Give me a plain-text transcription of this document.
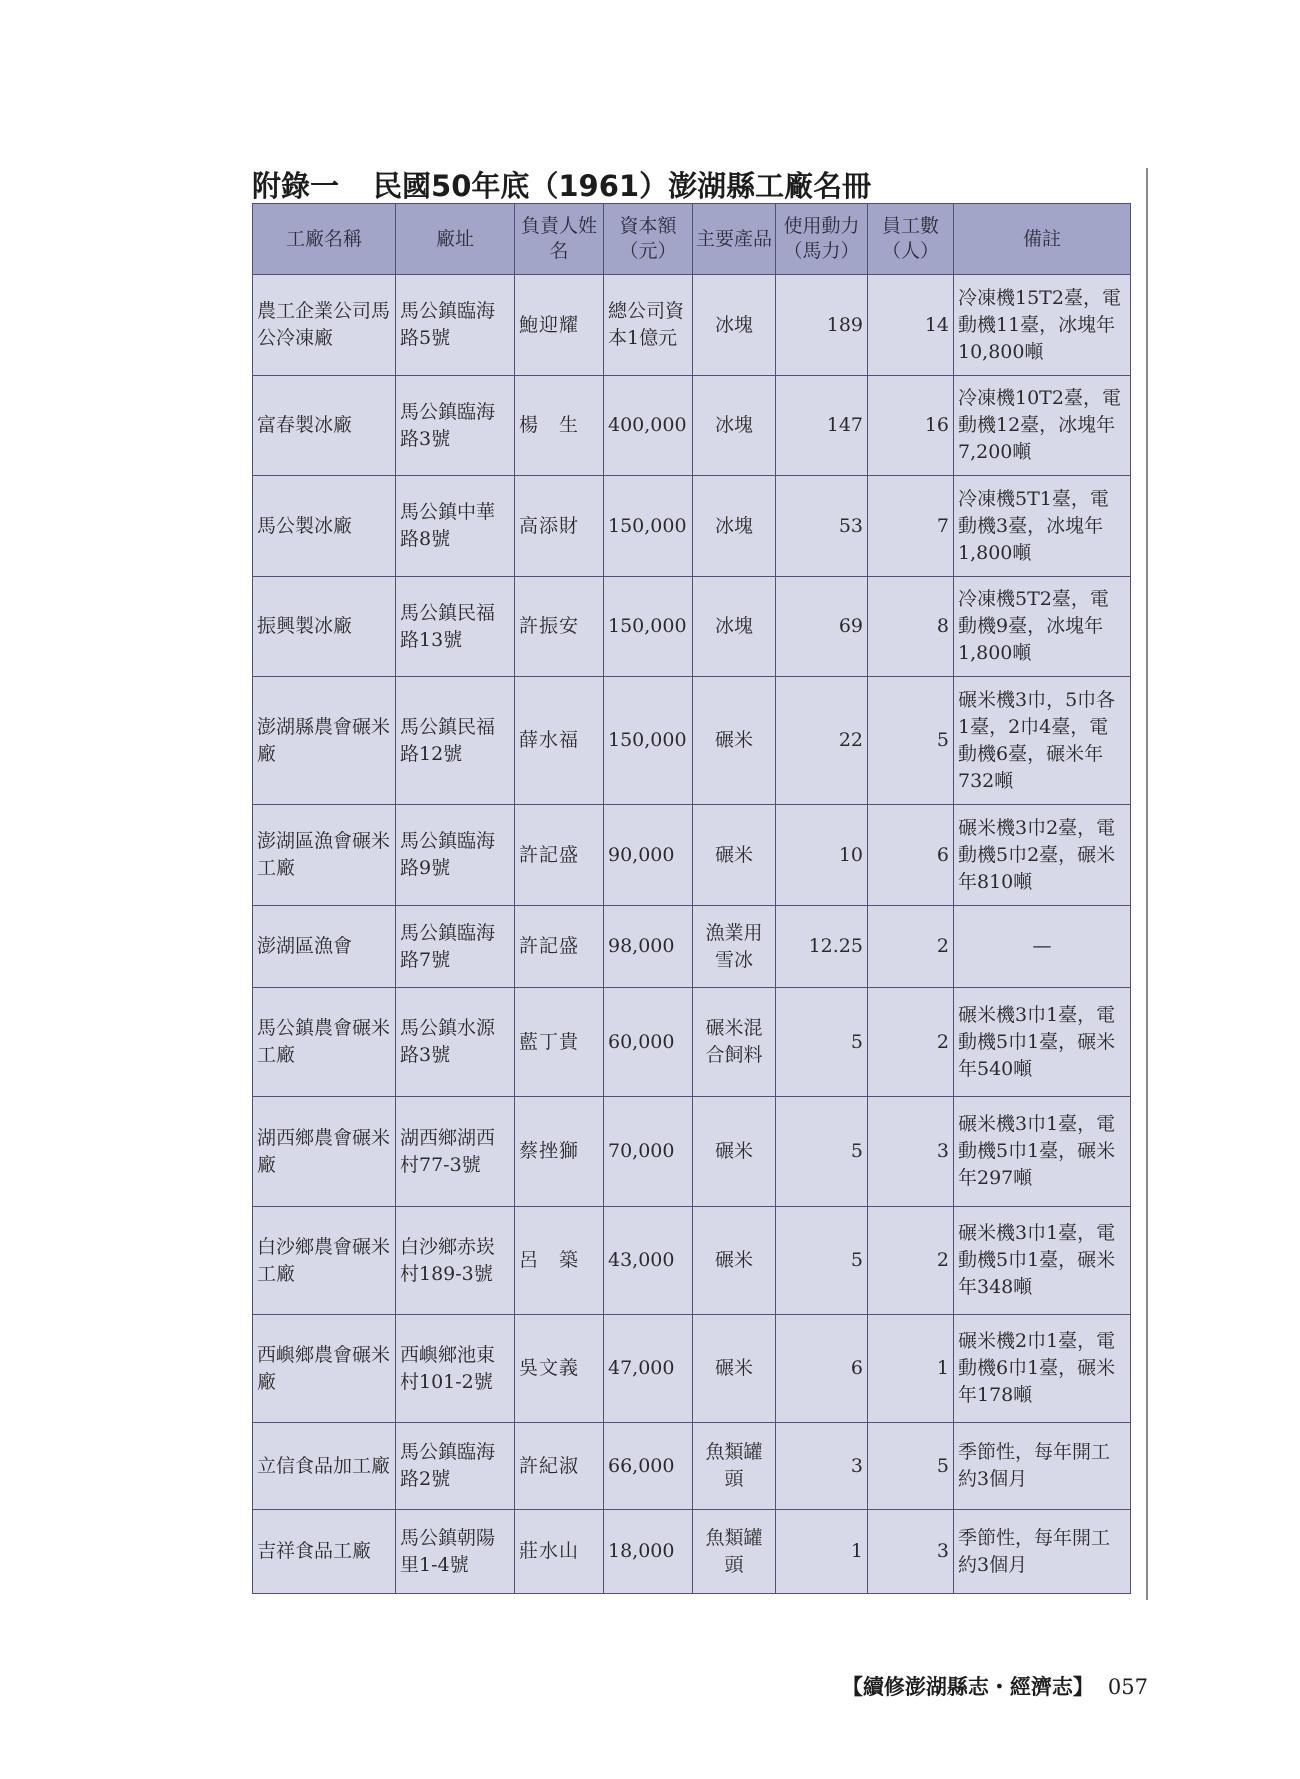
附錄一 民國50年底（1961）澎湖縣工廠名冊
工廠名稱	廠址	負責人姓名	資本額（元）	主要產品	使用動力（馬力）	員工數（人）	備註
農工企業公司馬公冷凍廠	馬公鎮臨海路5號	鮑迎耀	總公司資本1億元	冰塊	189	14	冷凍機15T2臺，電動機11臺，冰塊年10,800噸
富春製冰廠	馬公鎮臨海路3號	楊　生	400,000	冰塊	147	16	冷凍機10T2臺，電動機12臺，冰塊年7,200噸
馬公製冰廠	馬公鎮中華路8號	高添財	150,000	冰塊	53	7	冷凍機5T1臺，電動機3臺，冰塊年1,800噸
振興製冰廠	馬公鎮民福路13號	許振安	150,000	冰塊	69	8	冷凍機5T2臺，電動機9臺，冰塊年1,800噸
澎湖縣農會碾米廠	馬公鎮民福路12號	薛水福	150,000	碾米	22	5	碾米機3巾，5巾各1臺，2巾4臺，電動機6臺，碾米年732噸
澎湖區漁會碾米工廠	馬公鎮臨海路9號	許記盛	90,000	碾米	10	6	碾米機3巾2臺，電動機5巾2臺，碾米年810噸
澎湖區漁會	馬公鎮臨海路7號	許記盛	98,000	漁業用雪冰	12.25	2	—

馬公鎮農會碾米工廠	馬公鎮水源路3號	藍丁貴	60,000	碾米混合飼料	5	2	碾米機3巾1臺，電動機5巾1臺，碾米年540噸
湖西鄉農會碾米廠	湖西鄉湖西村77-3號	蔡挫獅	70,000	碾米	5	3	碾米機3巾1臺，電動機5巾1臺，碾米年297噸
白沙鄉農會碾米工廠	白沙鄉赤崁村189-3號	呂　築	43,000	碾米	5	2	碾米機3巾1臺，電動機5巾1臺，碾米年348噸
西嶼鄉農會碾米廠	西嶼鄉池東村101-2號	吳文義	47,000	碾米	6	1	碾米機2巾1臺，電動機6巾1臺，碾米年178噸
立信食品加工廠	馬公鎮臨海路2號	許紀淑	66,000	魚類罐頭	3	5	季節性，每年開工約3個月
吉祥食品工廠	馬公鎮朝陽里1-4號	莊水山	18,000	魚類罐頭	1	3	季節性，每年開工約3個月
【續修澎湖縣志・經濟志】 057
